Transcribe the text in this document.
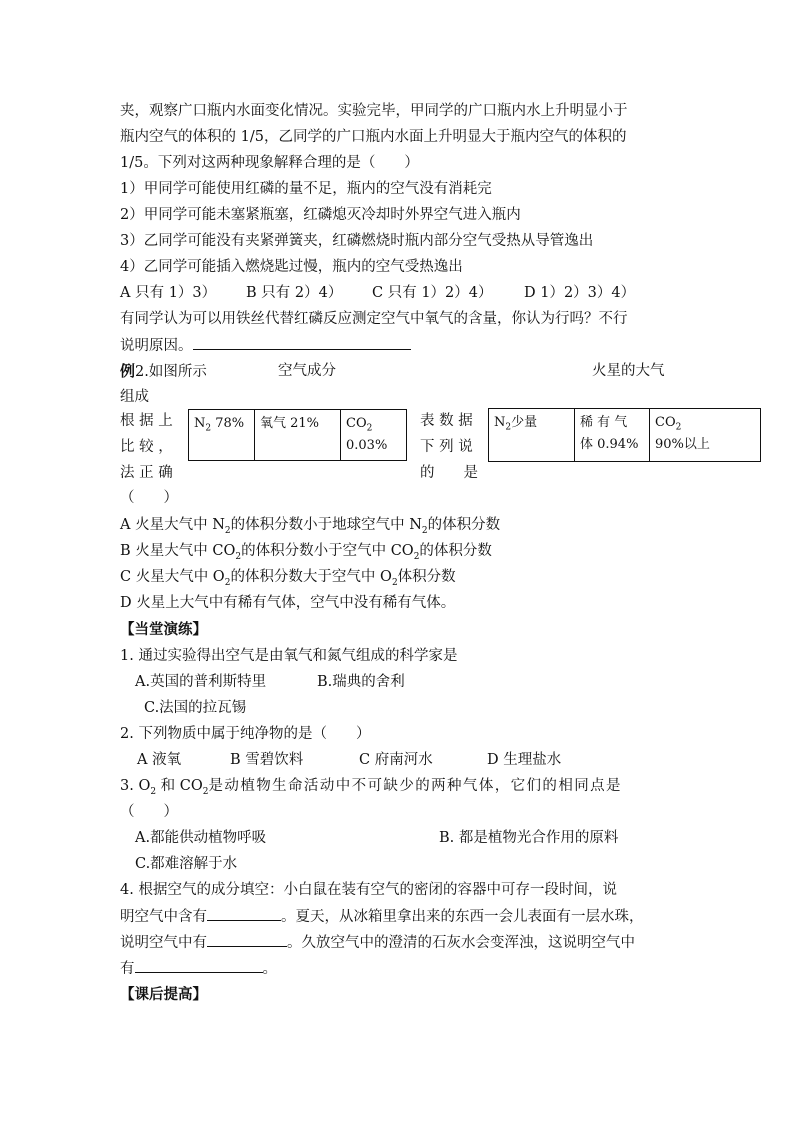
夹，观察广口瓶内水面变化情况。实验完毕，甲同学的广口瓶内水上升明显小于
瓶内空气的体积的 1/5，乙同学的广口瓶内水面上升明显大于瓶内空气的体积的
1/5。下列对这两种现象解释合理的是（　　）
1）甲同学可能使用红磷的量不足，瓶内的空气没有消耗完
2）甲同学可能未塞紧瓶塞，红磷熄灭冷却时外界空气进入瓶内
3）乙同学可能没有夹紧弹簧夹，红磷燃烧时瓶内部分空气受热从导管逸出
4）乙同学可能插入燃烧匙过慢，瓶内的空气受热逸出
A 只有 1）3） B 只有 2）4） C 只有 1）2）4） D 1）2）3）4）
有同学认为可以用铁丝代替红磷反应测定空气中氧气的含量，你认为行吗？不行
说明原因。
例2.如图所示	空气成分	火星的大气
组成
根 据 上
比 较 ，
法 正 确
$N_2$ 78%	氧气 21%	$CO_2$
0.03%
表 数 据
下 列 说
的　　是
$N_2$少量	稀 有 气
体 0.94%	$CO_2$
90%以上
（　　）
A 火星大气中 $N_2$的体积分数小于地球空气中 $N_2$的体积分数
B 火星大气中 $CO_2$的体积分数小于空气中 $CO_2$的体积分数
C 火星大气中 $O_2$的体积分数大于空气中 $O_2$体积分数
D 火星上大气中有稀有气体，空气中没有稀有气体。
【当堂演练】
1. 通过实验得出空气是由氧气和氮气组成的科学家是
A.英国的普利斯特里	B.瑞典的舍利
C.法国的拉瓦锡
2. 下列物质中属于纯净物的是（　　）
A 液氧	B 雪碧饮料	C 府南河水	D 生理盐水
3. $O_2$ 和 $CO_2$是动植物生命活动中不可缺少的两种气体，它们的相同点是
（　　）
A.都能供动植物呼吸	B. 都是植物光合作用的原料
C.都难溶解于水
4. 根据空气的成分填空：小白鼠在装有空气的密闭的容器中可存一段时间，说
明空气中含有	。夏天，从冰箱里拿出来的东西一会儿表面有一层水珠，
说明空气中有	。久放空气中的澄清的石灰水会变浑浊，这说明空气中
有	。
【课后提高】
